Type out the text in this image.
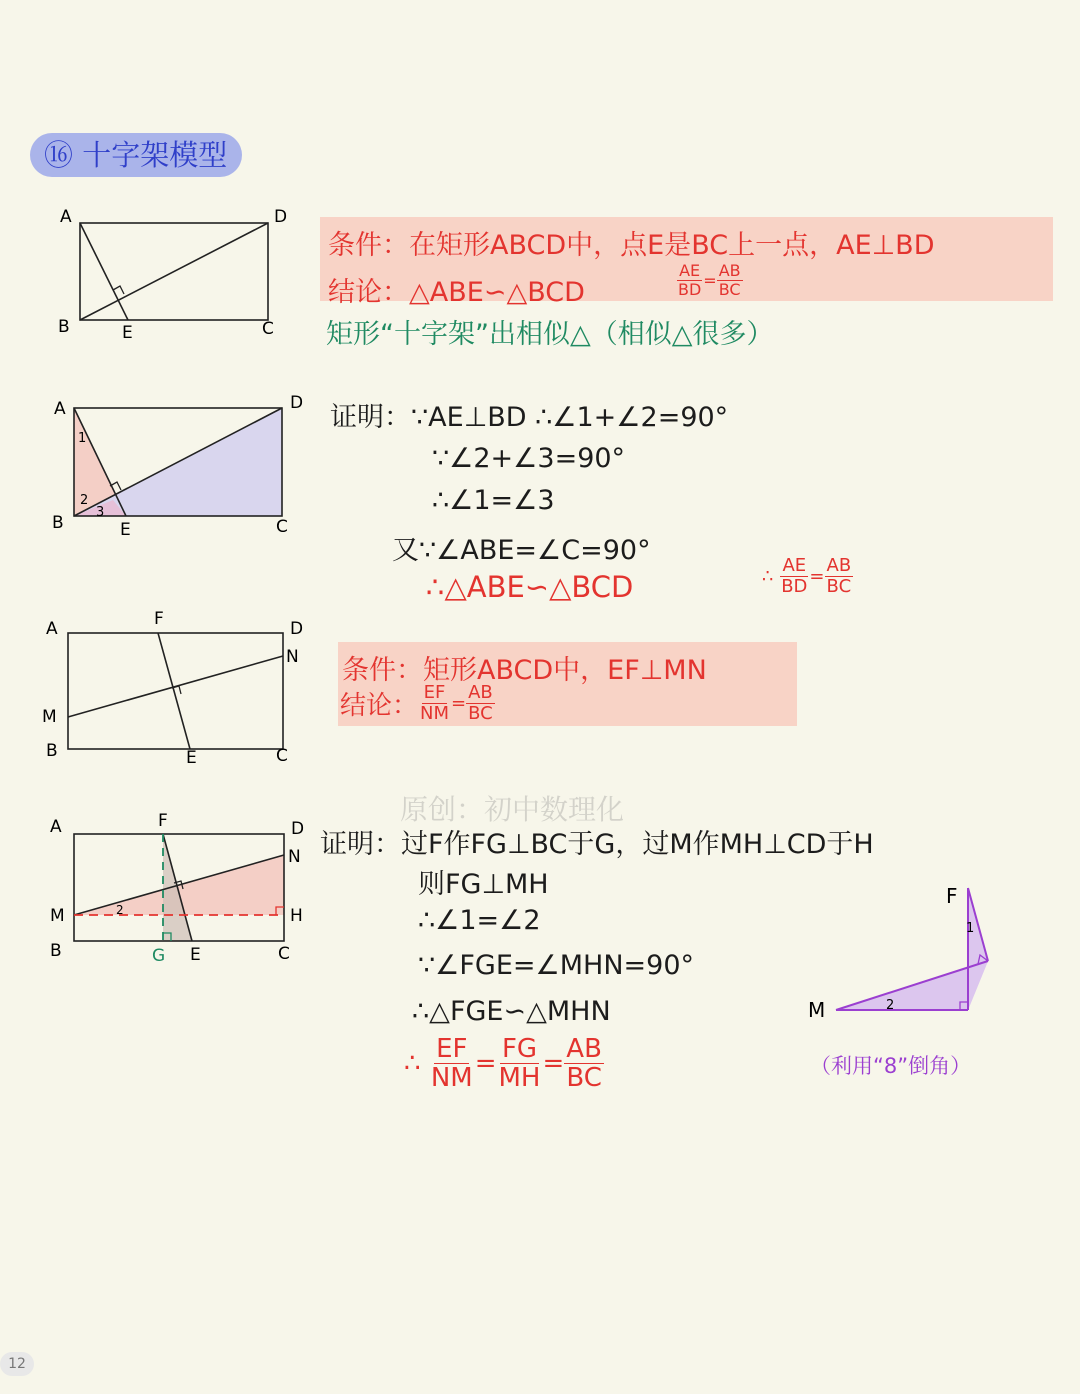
⑯ 十字架模型
A	D
B	E	C
条件：在矩形ABCD中，点E是BC上一点，AE⊥BD
结论：△ABE∽△BCD	$\frac{AE}{BD} = \frac{AB}{BC}$
矩形“十字架”出相似△（相似△很多）
1
2
3
A	D
B	E	C
证明：∵AE⊥BD ∴∠1+∠2=90°
∵∠2+∠3=90°
∴∠1=∠3
又∵∠ABE=∠C=90°
∴△ABE∽△BCD	∴ $\frac{AE}{BD} = \frac{AB}{BC}$
A	F	D
N
M
B	E	C
条件：矩形ABCD中，EF⊥MN
结论： $\frac{EF}{NM} = \frac{AB}{BC}$
原创：初中数理化
2
A	F	D
N
M	H
B	G E	C
证明：过F作FG⊥BC于G，过M作MH⊥CD于H
则FG⊥MH
∴∠1=∠2
∵∠FGE=∠MHN=90°
∴△FGE∽△MHN
∴ $\frac{EF}{NM} = \frac{FG}{MH} = \frac{AB}{BC}$
2
1
F
M
（利用“8”倒角）
12
